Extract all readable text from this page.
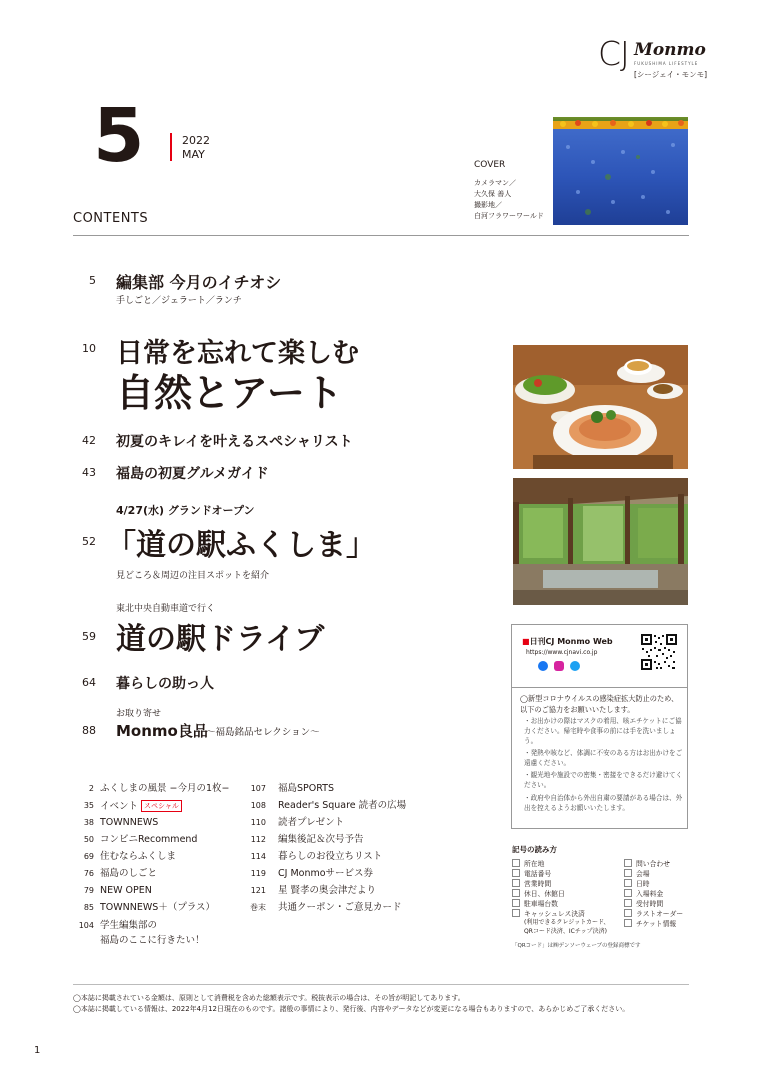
CJ Monmo
FUKUSHIMA LIFESTYLE
[シージェイ・モンモ]
5	2022
MAY
COVER
カメラマン／
大久保 善人
撮影地／
白河フラワーワールド
CONTENTS
5 編集部 今月のイチオシ
手しごと／ジェラート／ランチ
10 日常を忘れて楽しむ
自然とアート
42 初夏のキレイを叶えるスペシャリスト
43 福島の初夏グルメガイド
4/27(水) グランドオープン
52 「道の駅ふくしま」
見どころ＆周辺の注目スポットを紹介
東北中央自動車道で行く
59 道の駅ドライブ
64 暮らしの助っ人
お取り寄せ
88 Monmo良品
～福島銘品セレクション～
■日刊CJ Monmo Web
https://www.cjnavi.co.jp
◯新型コロナウイルスの感染症拡大防止のため、以下のご協力をお願いいたします。
・お出かけの際はマスクの着用、咳エチケットにご協力ください。帰宅時や食事の前には手を洗いましょう。
・発熱や咳など、体調に不安のある方はお出かけをご遠慮ください。
・観光地や施設での密集・密接をできるだけ避けてください。
・政府や自治体から外出自粛の要請がある場合は、外出を控えるようお願いいたします。
記号の読み方
所在地
電話番号
営業時間
休日、休館日
駐車場台数
キャッシュレス決済
(利用できるクレジットカード、
QRコード決済、ICチップ決済)
問い合わせ
会場
日時
入場料金
受付時間
ラストオーダー
チケット情報
「QRコード」は㈱デンソーウェーブの登録商標です
2 ふくしまの風景 −今月の1枚−
35 イベント スペシャル
38 TOWNNEWS
50 コンビニRecommend
69 住むならふくしま
76 福島のしごと
79 NEW OPEN
85 TOWNNEWS＋（プラス）
104 学生編集部の
福島のここに行きたい！
107 福島SPORTS
108 Reader's Square 読者の広場
110 読者プレゼント
112 編集後記＆次号予告
114 暮らしのお役立ちリスト
119 CJ Monmoサービス券
121 星 賢孝の奥会津だより
巻末 共通クーポン・ご意見カード
◯本誌に掲載されている金額は、原則として消費税を含めた総額表示です。税抜表示の場合は、その旨が明記してあります。
◯本誌に掲載している情報は、2022年4月12日現在のものです。諸般の事情により、発行後、内容やデータなどが変更になる場合もありますので、あらかじめご了承ください。
1
